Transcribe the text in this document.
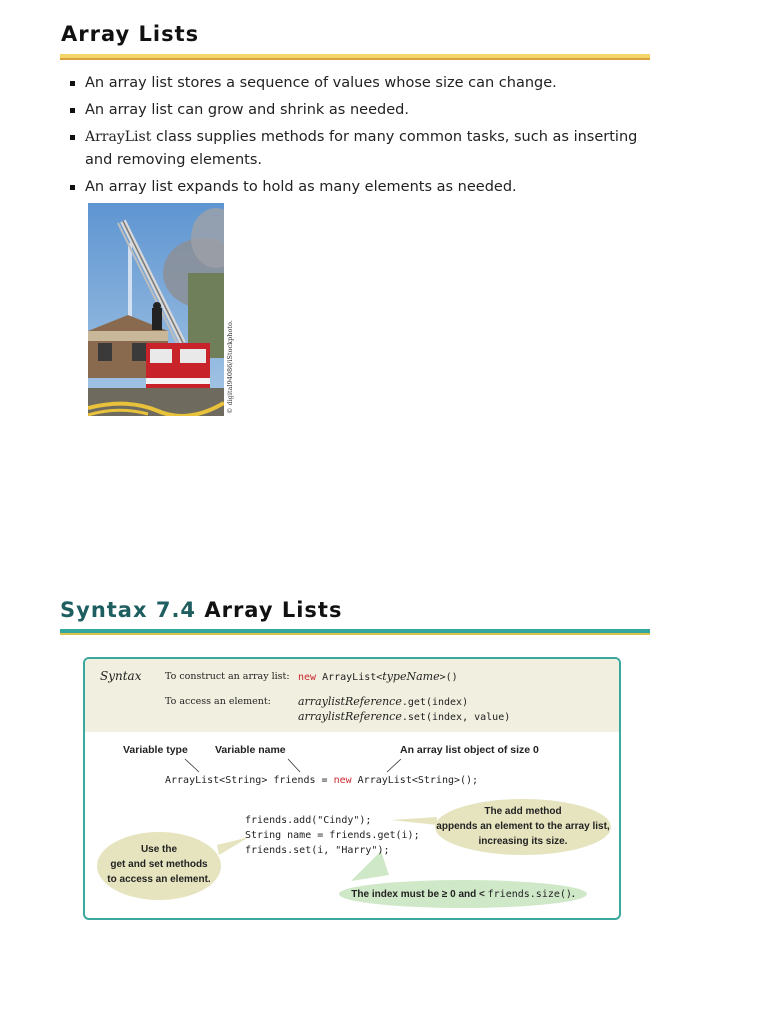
Array Lists
An array list stores a sequence of values whose size can change.
An array list can grow and shrink as needed.
ArrayList class supplies methods for many common tasks, such as inserting and removing elements.
An array list expands to hold as many elements as needed.
© digital94086/iStockphoto.
Syntax 7.4 Array Lists
Syntax To construct an array list: new ArrayList<typeName>()
To access an element: arraylistReference.get(index)
arraylistReference.set(index, value)
Variable type	Variable name	An array list object of size 0
ArrayList<String> friends = new ArrayList<String>();
friends.add("Cindy");
String name = friends.get(i);
friends.set(i, "Harry");
The add method
appends an element to the array list,
increasing its size.
Use the
get and set methods
to access an element.
The index must be ≥ 0 and < friends.size().
